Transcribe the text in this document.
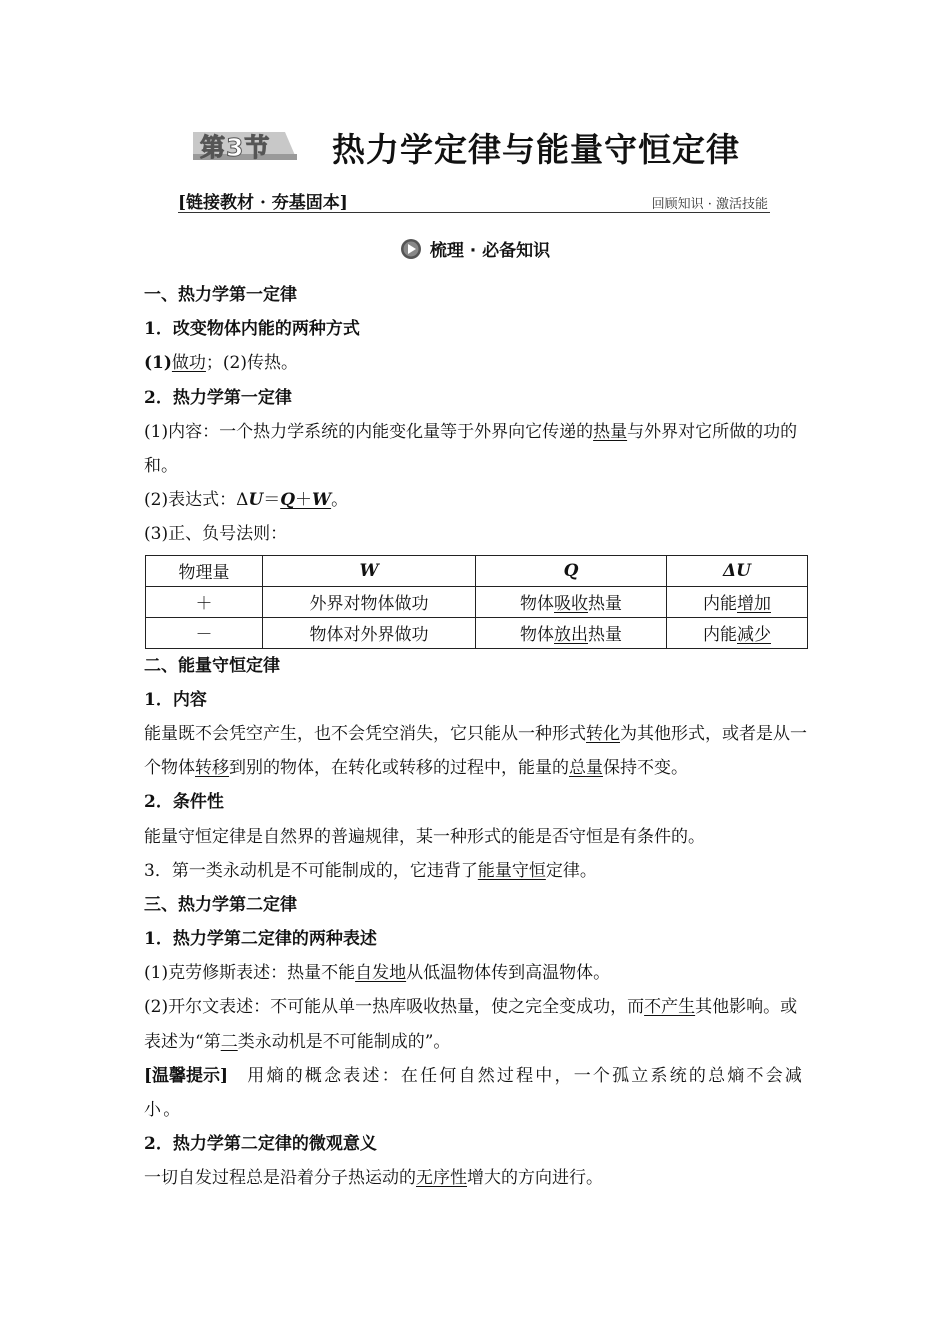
第3节 热力学定律与能量守恒定律
[链接教材 · 夯基固本]	回顾知识 · 激活技能
梳理 · 必备知识
一、热力学第一定律
1．改变物体内能的两种方式
(1)做功；(2)传热。
2．热力学第一定律
(1)内容：一个热力学系统的内能变化量等于外界向它传递的热量与外界对它所做的功的和。
(2)表达式：ΔU＝Q＋W。
(3)正、负号法则：
物理量	W	Q	ΔU
＋	外界对物体做功	物体吸收热量	内能增加
－	物体对外界做功	物体放出热量	内能减少
二、能量守恒定律
1．内容
能量既不会凭空产生，也不会凭空消失，它只能从一种形式转化为其他形式，或者是从一个物体转移到别的物体，在转化或转移的过程中，能量的总量保持不变。
2．条件性
能量守恒定律是自然界的普遍规律，某一种形式的能是否守恒是有条件的。
3．第一类永动机是不可能制成的，它违背了能量守恒定律。
三、热力学第二定律
1．热力学第二定律的两种表述
(1)克劳修斯表述：热量不能自发地从低温物体传到高温物体。
(2)开尔文表述：不可能从单一热库吸收热量，使之完全变成功，而不产生其他影响。或表述为“第二类永动机是不可能制成的”。
[温馨提示]　用熵的概念表述：在任何自然过程中，一个孤立系统的总熵不会减小。
2．热力学第二定律的微观意义
一切自发过程总是沿着分子热运动的无序性增大的方向进行。
